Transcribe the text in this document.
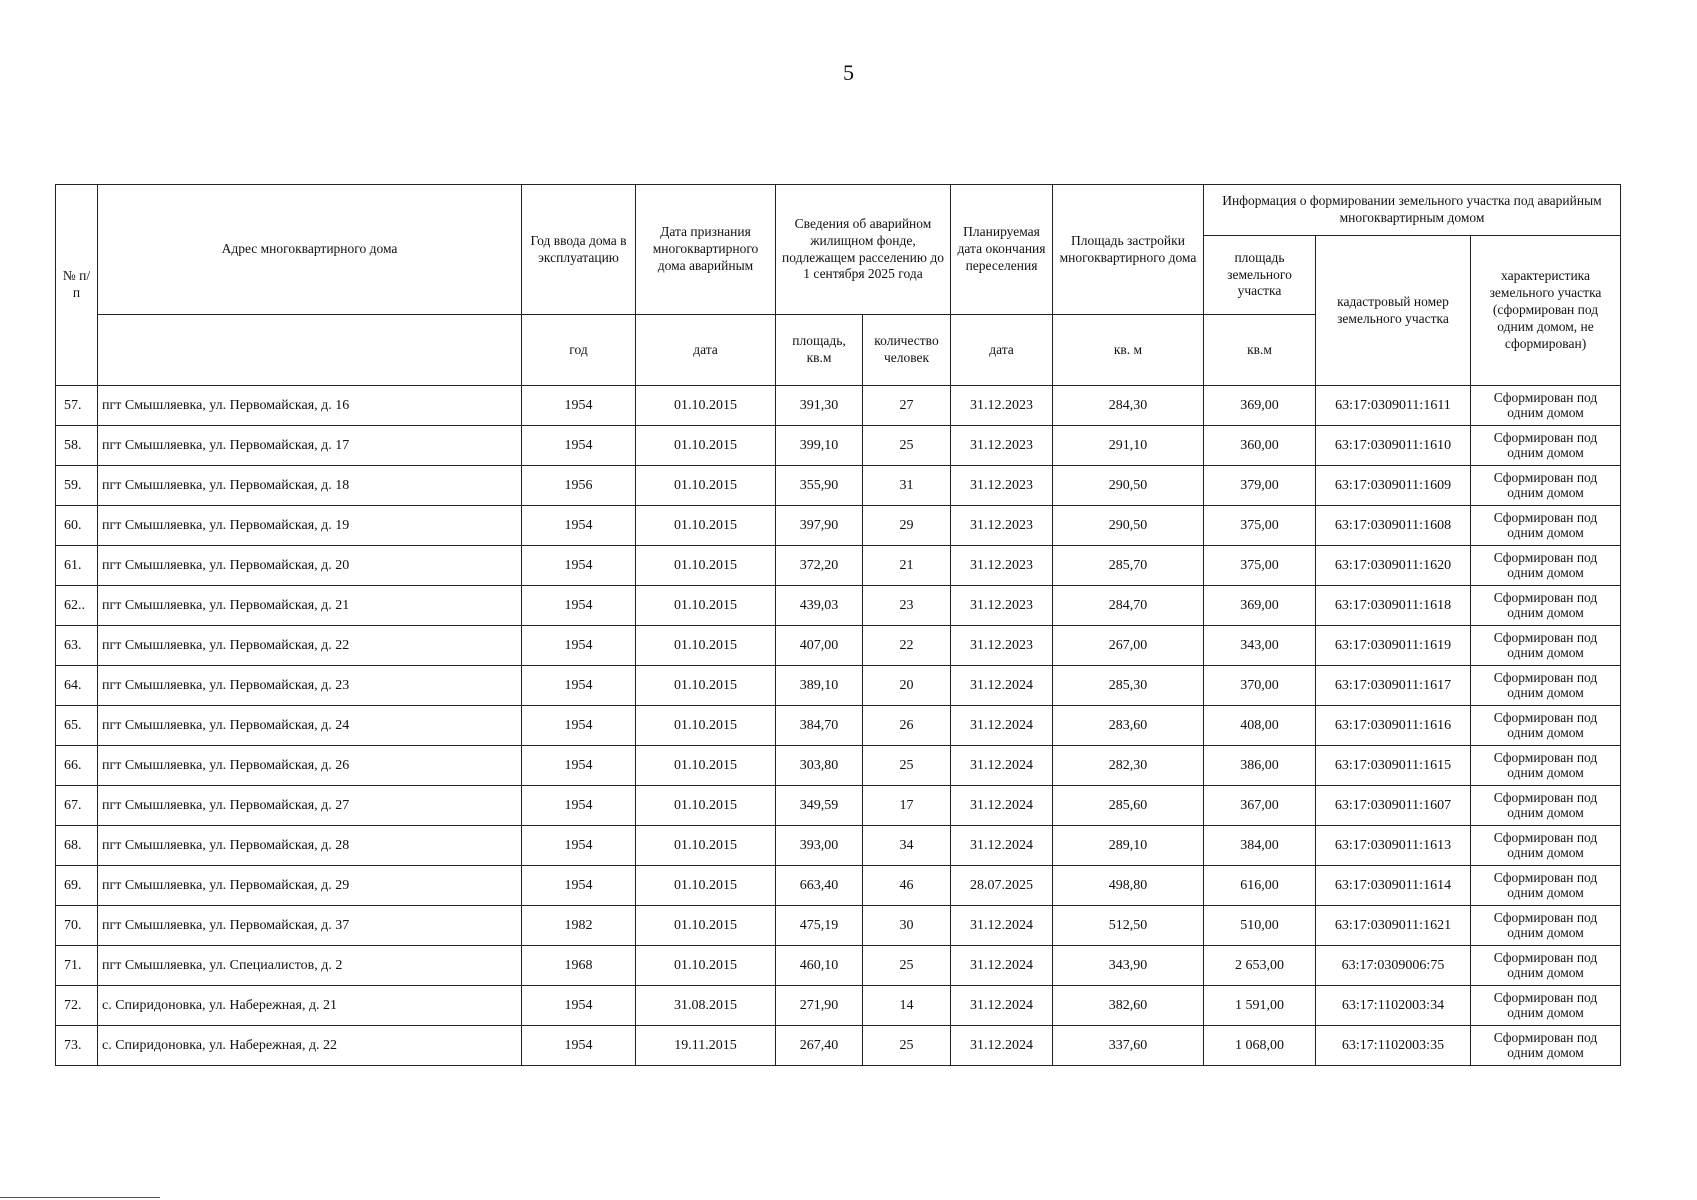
5
№ п/п	Адрес многоквартирного дома	Год ввода дома в эксплуатацию	Дата признания многоквартирного дома аварийным	Сведения об аварийном жилищном фонде, подлежащем расселению до 1 сентября 2025 года		Планируемая дата окончания переселения	Площадь застройки многоквартирного дома	Информация о формировании земельного участка под аварийным многоквартирным домом		
								площадь земельного участка	кадастровый номер земельного участка	характеристика земельного участка (сформирован под одним домом, не сформирован)
		год	дата	площадь, кв.м	количество человек	дата	кв. м	кв.м		
57.	пгт Смышляевка, ул. Первомайская, д. 16	1954	01.10.2015	391,30	27	31.12.2023	284,30	369,00	63:17:0309011:1611	Сформирован под одним домом
58.	пгт Смышляевка, ул. Первомайская, д. 17	1954	01.10.2015	399,10	25	31.12.2023	291,10	360,00	63:17:0309011:1610	Сформирован под одним домом
59.	пгт Смышляевка, ул. Первомайская, д. 18	1956	01.10.2015	355,90	31	31.12.2023	290,50	379,00	63:17:0309011:1609	Сформирован под одним домом
60.	пгт Смышляевка, ул. Первомайская, д. 19	1954	01.10.2015	397,90	29	31.12.2023	290,50	375,00	63:17:0309011:1608	Сформирован под одним домом
61.	пгт Смышляевка, ул. Первомайская, д. 20	1954	01.10.2015	372,20	21	31.12.2023	285,70	375,00	63:17:0309011:1620	Сформирован под одним домом
62..	пгт Смышляевка, ул. Первомайская, д. 21	1954	01.10.2015	439,03	23	31.12.2023	284,70	369,00	63:17:0309011:1618	Сформирован под одним домом
63.	пгт Смышляевка, ул. Первомайская, д. 22	1954	01.10.2015	407,00	22	31.12.2023	267,00	343,00	63:17:0309011:1619	Сформирован под одним домом
64.	пгт Смышляевка, ул. Первомайская, д. 23	1954	01.10.2015	389,10	20	31.12.2024	285,30	370,00	63:17:0309011:1617	Сформирован под одним домом
65.	пгт Смышляевка, ул. Первомайская, д. 24	1954	01.10.2015	384,70	26	31.12.2024	283,60	408,00	63:17:0309011:1616	Сформирован под одним домом
66.	пгт Смышляевка, ул. Первомайская, д. 26	1954	01.10.2015	303,80	25	31.12.2024	282,30	386,00	63:17:0309011:1615	Сформирован под одним домом
67.	пгт Смышляевка, ул. Первомайская, д. 27	1954	01.10.2015	349,59	17	31.12.2024	285,60	367,00	63:17:0309011:1607	Сформирован под одним домом
68.	пгт Смышляевка, ул. Первомайская, д. 28	1954	01.10.2015	393,00	34	31.12.2024	289,10	384,00	63:17:0309011:1613	Сформирован под одним домом
69.	пгт Смышляевка, ул. Первомайская, д. 29	1954	01.10.2015	663,40	46	28.07.2025	498,80	616,00	63:17:0309011:1614	Сформирован под одним домом
70.	пгт Смышляевка, ул. Первомайская, д. 37	1982	01.10.2015	475,19	30	31.12.2024	512,50	510,00	63:17:0309011:1621	Сформирован под одним домом
71.	пгт Смышляевка, ул. Специалистов, д. 2	1968	01.10.2015	460,10	25	31.12.2024	343,90	2 653,00	63:17:0309006:75	Сформирован под одним домом
72.	с. Спиридоновка, ул. Набережная, д. 21	1954	31.08.2015	271,90	14	31.12.2024	382,60	1 591,00	63:17:1102003:34	Сформирован под одним домом
73.	с. Спиридоновка, ул. Набережная, д. 22	1954	19.11.2015	267,40	25	31.12.2024	337,60	1 068,00	63:17:1102003:35	Сформирован под одним домом
